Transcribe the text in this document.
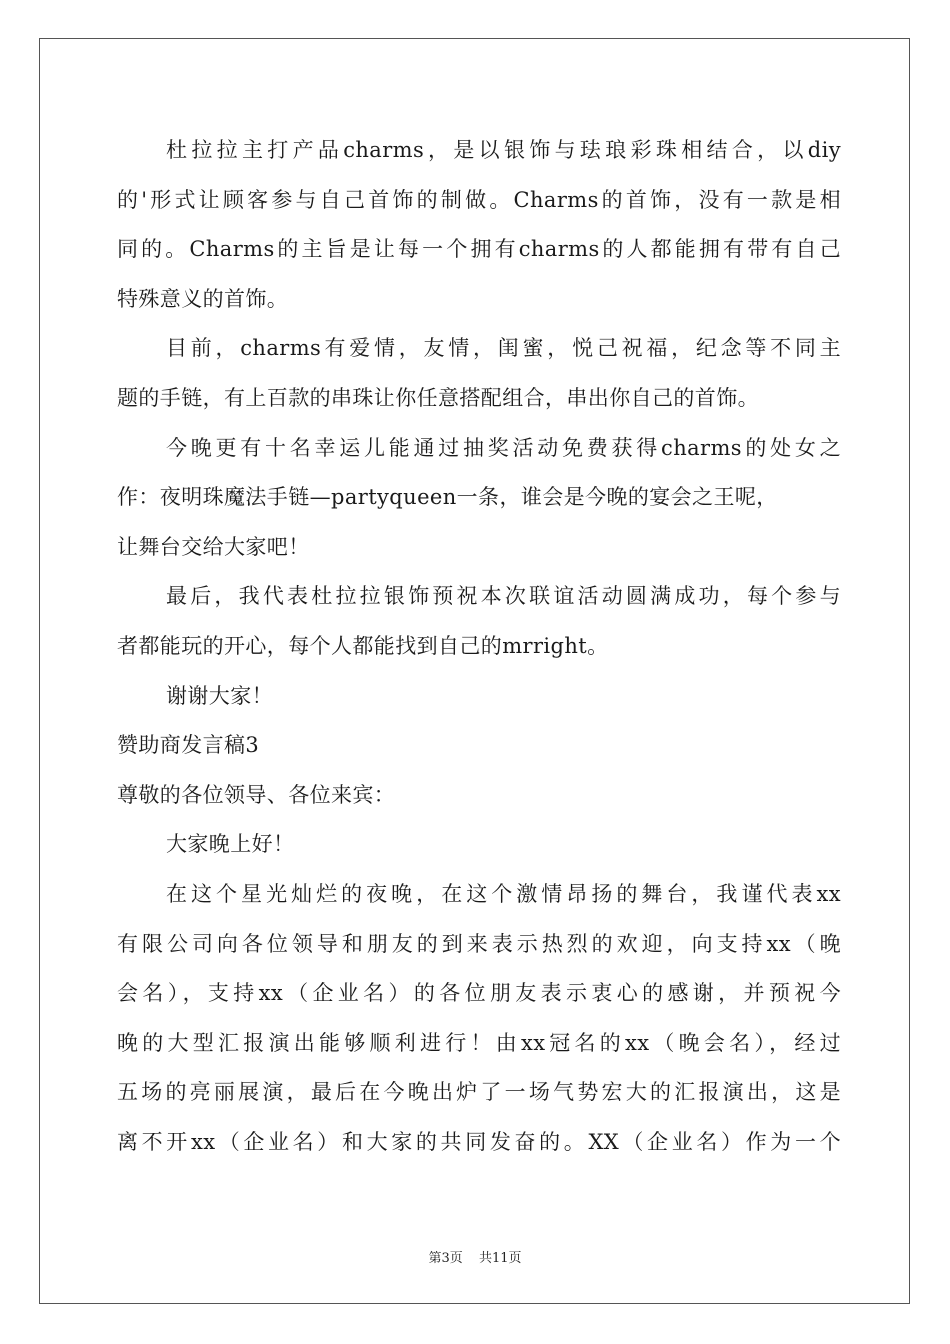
杜拉拉主打产品charms，是以银饰与珐琅彩珠相结合，以diy
的'形式让顾客参与自己首饰的制做。Charms的首饰，没有一款是相
同的。Charms的主旨是让每一个拥有charms的人都能拥有带有自己
特殊意义的首饰。
目前，charms有爱情，友情，闺蜜，悦己祝福，纪念等不同主
题的手链，有上百款的串珠让你任意搭配组合，串出你自己的首饰。
今晚更有十名幸运儿能通过抽奖活动免费获得charms的处女之
作：夜明珠魔法手链—partyqueen一条，谁会是今晚的宴会之王呢，
让舞台交给大家吧！
最后，我代表杜拉拉银饰预祝本次联谊活动圆满成功，每个参与
者都能玩的开心，每个人都能找到自己的mrright。
谢谢大家！
赞助商发言稿3
尊敬的各位领导、各位来宾：
大家晚上好！
在这个星光灿烂的夜晚，在这个激情昂扬的舞台，我谨代表xx
有限公司向各位领导和朋友的到来表示热烈的欢迎，向支持xx（晚
会名），支持xx（企业名）的各位朋友表示衷心的感谢，并预祝今
晚的大型汇报演出能够顺利进行！由xx冠名的xx（晚会名），经过
五场的亮丽展演，最后在今晚出炉了一场气势宏大的汇报演出，这是
离不开xx（企业名）和大家的共同发奋的。XX（企业名）作为一个
第3页 共11页
